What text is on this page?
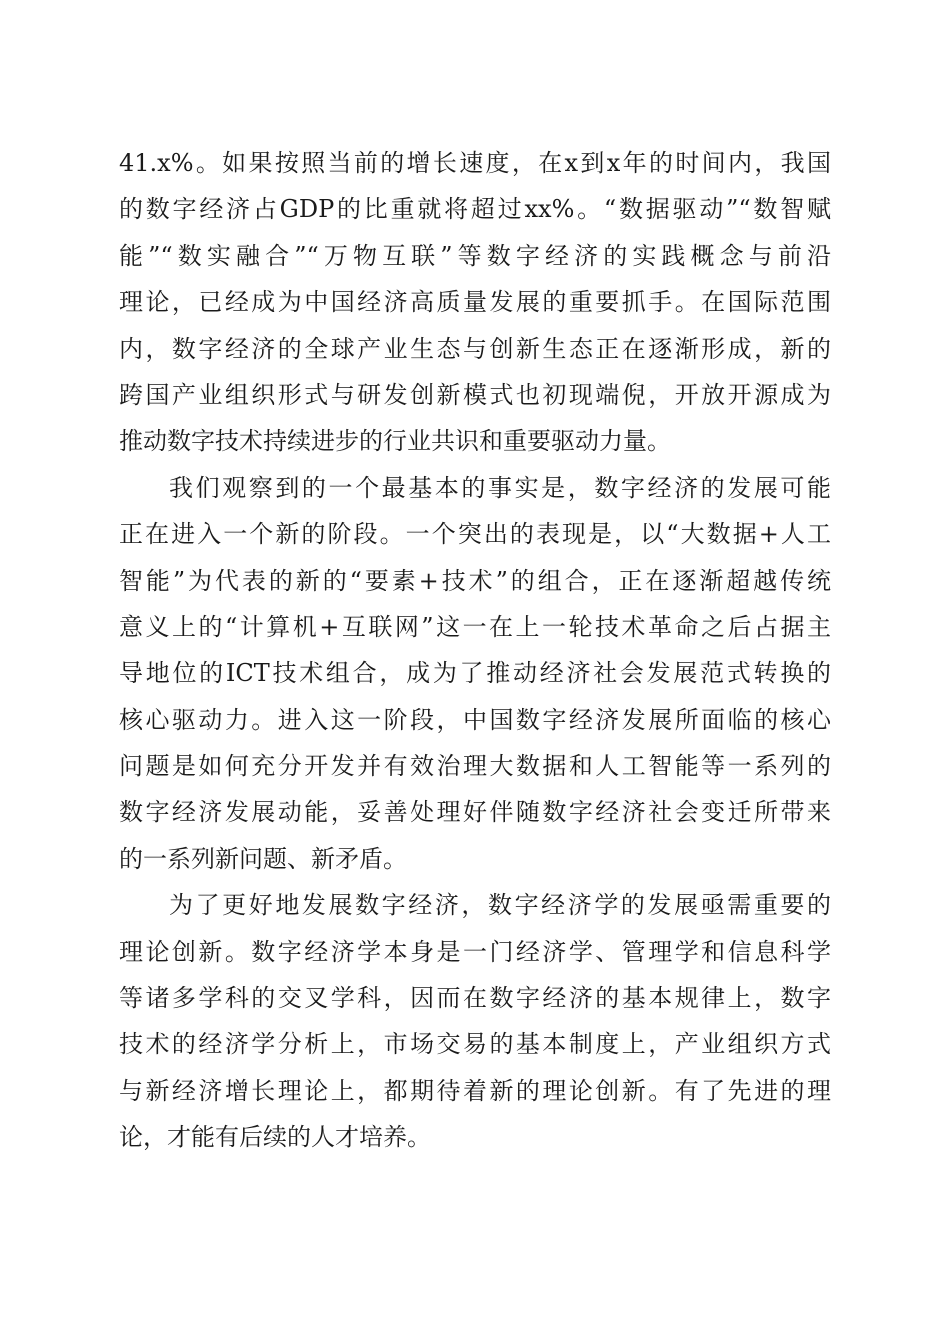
41.x%。如果按照当前的增长速度，在x到x年的时间内，我国
的数字经济占GDP的比重就将超过xx%。“数据驱动”“数智赋
能”“数实融合”“万物互联”等数字经济的实践概念与前沿
理论，已经成为中国经济高质量发展的重要抓手。在国际范围
内，数字经济的全球产业生态与创新生态正在逐渐形成，新的
跨国产业组织形式与研发创新模式也初现端倪，开放开源成为
推动数字技术持续进步的行业共识和重要驱动力量。
我们观察到的一个最基本的事实是，数字经济的发展可能
正在进入一个新的阶段。一个突出的表现是，以“大数据+人工
智能”为代表的新的“要素+技术”的组合，正在逐渐超越传统
意义上的“计算机+互联网”这一在上一轮技术革命之后占据主
导地位的ICT技术组合，成为了推动经济社会发展范式转换的
核心驱动力。进入这一阶段，中国数字经济发展所面临的核心
问题是如何充分开发并有效治理大数据和人工智能等一系列的
数字经济发展动能，妥善处理好伴随数字经济社会变迁所带来
的一系列新问题、新矛盾。
为了更好地发展数字经济，数字经济学的发展亟需重要的
理论创新。数字经济学本身是一门经济学、管理学和信息科学
等诸多学科的交叉学科，因而在数字经济的基本规律上，数字
技术的经济学分析上，市场交易的基本制度上，产业组织方式
与新经济增长理论上，都期待着新的理论创新。有了先进的理
论，才能有后续的人才培养。
